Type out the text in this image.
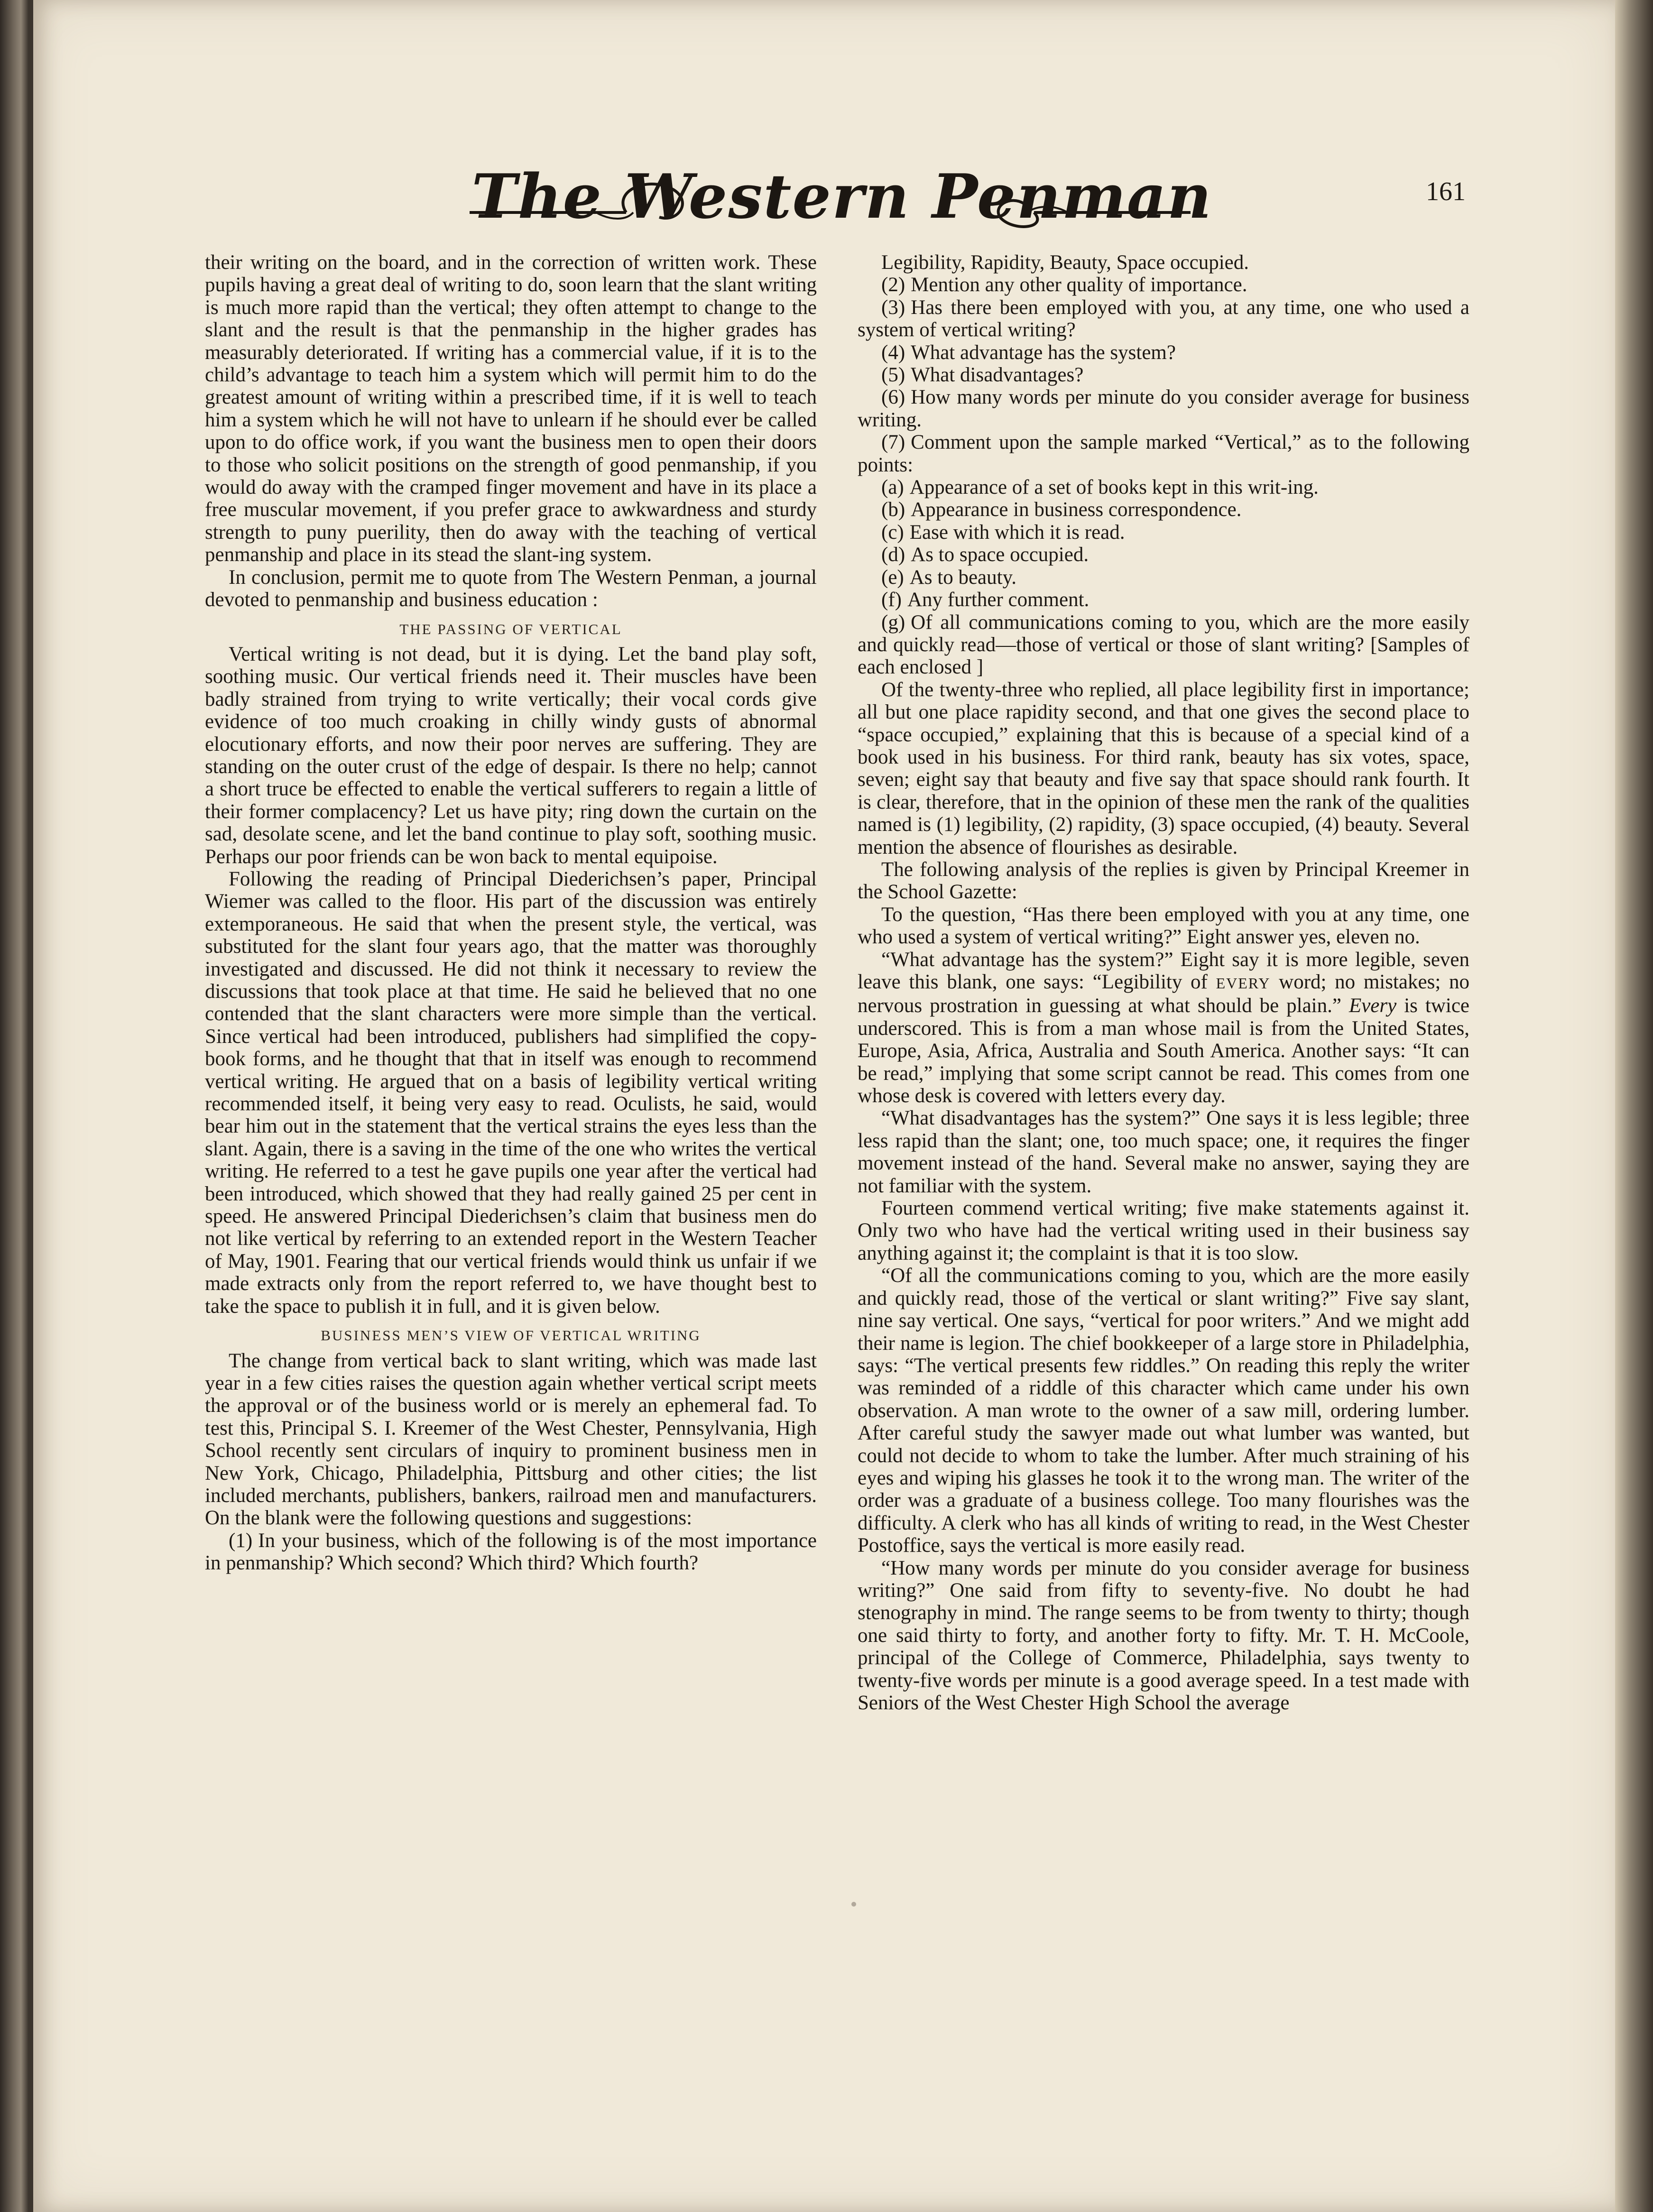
The Western Penman	161

their writing on the board, and in the correction of written work. These pupils having a great deal of writing to do, soon learn that the slant writing is much more rapid than the vertical; they often attempt to change to the slant and the result is that the penmanship in the higher grades has measurably deteriorated. If writing has a commercial value, if it is to the child’s advantage to teach him a system which will permit him to do the greatest amount of writing within a prescribed time, if it is well to teach him a system which he will not have to unlearn if he should ever be called upon to do office work, if you want the business men to open their doors to those who solicit positions on the strength of good penmanship, if you would do away with the cramped finger movement and have in its place a free muscular movement, if you prefer grace to awkwardness and sturdy strength to puny puerility, then do away with the teaching of vertical penmanship and place in its stead the slant-ing system.

In conclusion, permit me to quote from The Western Penman, a journal devoted to penmanship and business education :

THE PASSING OF VERTICAL

Vertical writing is not dead, but it is dying. Let the band play soft, soothing music. Our vertical friends need it. Their muscles have been badly strained from trying to write vertically; their vocal cords give evidence of too much croaking in chilly windy gusts of abnormal elocutionary efforts, and now their poor nerves are suffering. They are standing on the outer crust of the edge of despair. Is there no help; cannot a short truce be effected to enable the vertical sufferers to regain a little of their former complacency? Let us have pity; ring down the curtain on the sad, desolate scene, and let the band continue to play soft, soothing music. Perhaps our poor friends can be won back to mental equipoise.

Following the reading of Principal Diederichsen’s paper, Principal Wiemer was called to the floor. His part of the discussion was entirely extemporaneous. He said that when the present style, the vertical, was substituted for the slant four years ago, that the matter was thoroughly investigated and discussed. He did not think it necessary to review the discussions that took place at that time. He said he believed that no one contended that the slant characters were more simple than the vertical. Since vertical had been introduced, publishers had simplified the copy-book forms, and he thought that that in itself was enough to recommend vertical writing. He argued that on a basis of legibility vertical writing recommended itself, it being very easy to read. Oculists, he said, would bear him out in the statement that the vertical strains the eyes less than the slant. Again, there is a saving in the time of the one who writes the vertical writing. He referred to a test he gave pupils one year after the vertical had been introduced, which showed that they had really gained 25 per cent in speed. He answered Principal Diederichsen’s claim that business men do not like vertical by referring to an extended report in the Western Teacher of May, 1901. Fearing that our vertical friends would think us unfair if we made extracts only from the report referred to, we have thought best to take the space to publish it in full, and it is given below.

BUSINESS MEN’S VIEW OF VERTICAL WRITING

The change from vertical back to slant writing, which was made last year in a few cities raises the question again whether vertical script meets the approval or of the business world or is merely an ephemeral fad. To test this, Principal S. I. Kreemer of the West Chester, Pennsylvania, High School recently sent circulars of inquiry to prominent business men in New York, Chicago, Philadelphia, Pittsburg and other cities; the list included merchants, publishers, bankers, railroad men and manufacturers. On the blank were the following questions and suggestions:

(1) In your business, which of the following is of the most importance in penmanship? Which second? Which third? Which fourth?

Legibility, Rapidity, Beauty, Space occupied.

(2) Mention any other quality of importance.

(3) Has there been employed with you, at any time, one who used a system of vertical writing?

(4) What advantage has the system?

(5) What disadvantages?

(6) How many words per minute do you consider average for business writing.

(7) Comment upon the sample marked “Vertical,” as to the following points:

(a) Appearance of a set of books kept in this writ-ing.

(b) Appearance in business correspondence.

(c) Ease with which it is read.

(d) As to space occupied.

(e) As to beauty.

(f) Any further comment.

(g) Of all communications coming to you, which are the more easily and quickly read—those of vertical or those of slant writing? [Samples of each enclosed ]

Of the twenty-three who replied, all place legibility first in importance; all but one place rapidity second, and that one gives the second place to “space occupied,” explaining that this is because of a special kind of a book used in his business. For third rank, beauty has six votes, space, seven; eight say that beauty and five say that space should rank fourth. It is clear, therefore, that in the opinion of these men the rank of the qualities named is (1) legibility, (2) rapidity, (3) space occupied, (4) beauty. Several mention the absence of flourishes as desirable.

The following analysis of the replies is given by Principal Kreemer in the School Gazette:

To the question, “Has there been employed with you at any time, one who used a system of vertical writing?” Eight answer yes, eleven no.

“What advantage has the system?” Eight say it is more legible, seven leave this blank, one says: “Legibility of EVERY word; no mistakes; no nervous prostration in guessing at what should be plain.” Every is twice underscored. This is from a man whose mail is from the United States, Europe, Asia, Africa, Australia and South America. Another says: “It can be read,” implying that some script cannot be read. This comes from one whose desk is covered with letters every day.

“What disadvantages has the system?” One says it is less legible; three less rapid than the slant; one, too much space; one, it requires the finger movement instead of the hand. Several make no answer, saying they are not familiar with the system.

Fourteen commend vertical writing; five make statements against it. Only two who have had the vertical writing used in their business say anything against it; the complaint is that it is too slow.

“Of all the communications coming to you, which are the more easily and quickly read, those of the vertical or slant writing?” Five say slant, nine say vertical. One says, “vertical for poor writers.” And we might add their name is legion. The chief bookkeeper of a large store in Philadelphia, says: “The vertical presents few riddles.” On reading this reply the writer was reminded of a riddle of this character which came under his own observation. A man wrote to the owner of a saw mill, ordering lumber. After careful study the sawyer made out what lumber was wanted, but could not decide to whom to take the lumber. After much straining of his eyes and wiping his glasses he took it to the wrong man. The writer of the order was a graduate of a business college. Too many flourishes was the difficulty. A clerk who has all kinds of writing to read, in the West Chester Postoffice, says the vertical is more easily read.

“How many words per minute do you consider average for business writing?” One said from fifty to seventy-five. No doubt he had stenography in mind. The range seems to be from twenty to thirty; though one said thirty to forty, and another forty to fifty. Mr. T. H. McCoole, principal of the College of Commerce, Philadelphia, says twenty to twenty-five words per minute is a good average speed. In a test made with Seniors of the West Chester High School the average
